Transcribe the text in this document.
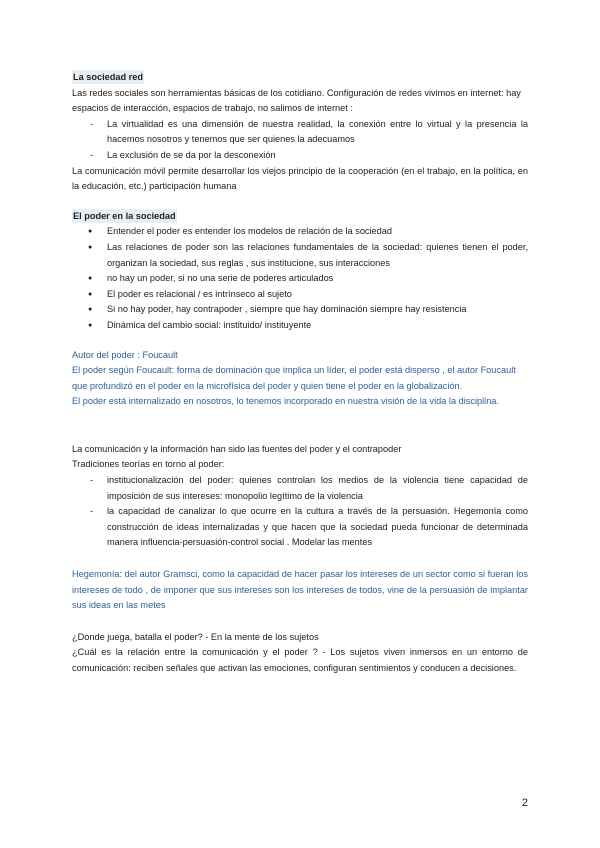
La sociedad red

Las redes sociales son herramientas básicas de los cotidiano. Configuración de redes vivimos en internet: hay espacios de interacción, espacios de trabajo, no salimos de internet :

- La virtualidad es una dimensión de nuestra realidad, la conexión entre lo virtual y la presencia la hacemos nosotros y tenemos que ser quienes la adecuamos
- La exclusión de se da por la desconexión

La comunicación móvil permite desarrollar los viejos principio de la cooperación (en el trabajo, en la política, en la educación, etc.) participación humana

El poder en la sociedad
● Entender el poder es entender los modelos de relación de la sociedad
● Las relaciones de poder son las relaciones fundamentales de la sociedad: quienes tienen el poder, organizan la sociedad, sus reglas , sus institucione, sus interacciones
● no hay un poder, si no una serie de poderes articulados
● El poder es relacional / es intrínseco al sujeto
● Si no hay poder, hay contrapoder , siempre que hay dominación siempre hay resistencia
● Dinámica del cambio social: instituido/ instituyente

Autor del poder : Foucault

El poder según Foucault: forma de dominación que implica un líder, el poder está disperso , el autor Foucault que profundizó en el poder en la microfísica del poder y quien tiene el poder en la globalización.

El poder está internalizado en nosotros, lo tenemos incorporado en nuestra visión de la vida la disciplina.

La comunicación y la información han sido las fuentes del poder y el contrapoder

Tradiciones teorías en torno al poder:

- institucionalización del poder: quienes controlan los medios de la violencia tiene capacidad de imposición de sus intereses: monopolio legítimo de la violencia
- la capacidad de canalizar lo que ocurre en la cultura a través de la persuasión. Hegemonía como construcción de ideas internalizadas y que hacen que la sociedad pueda funcionar de determinada manera influencia-persuasión-control social . Modelar las mentes

Hegemonía: del autor Gramsci, como la capacidad de hacer pasar los intereses de un sector como si fueran los intereses de todo , de imponer que sus intereses son los intereses de todos, vine de la persuasión de implantar sus ideas en las metes

¿Donde juega, batalla el poder? - En la mente de los sujetos

¿Cuál es la relación entre la comunicación y el poder ? - Los sujetos viven inmersos en un entorno de comunicación: reciben señales que activan las emociones, configuran sentimientos y conducen a decisiones.

2
